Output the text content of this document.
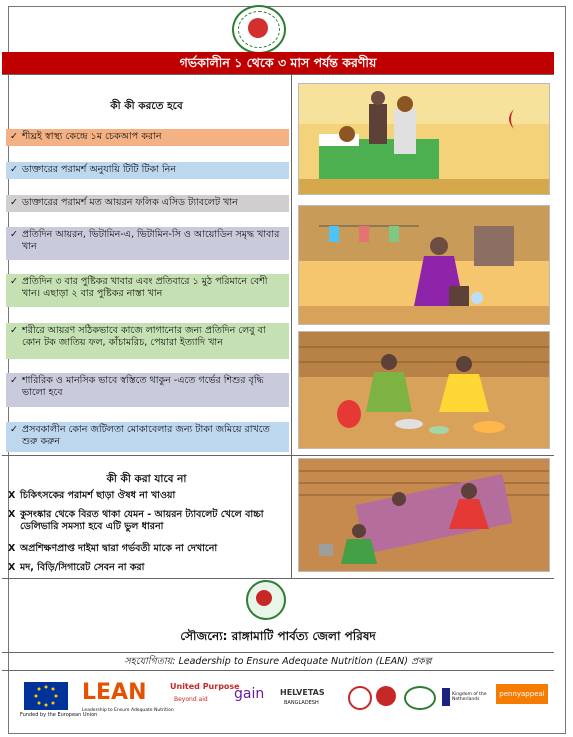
গর্ভকালীন ১ থেকে ৩ মাস পর্যন্ত করণীয়
কী কী করতে হবে
✓ শীঘ্রই স্বাস্থ্য কেন্দ্রে ১ম চেকআপ করান
✓ ডাক্তারের পরামর্শ অনুযায়ি টিটি টিকা নিন
✓ ডাক্তারের পরামর্শ মত আয়রন ফলিক এসিড ট্যাবলেট খান
✓ প্রতিদিন আয়রন, ভিটামিন-এ, ভিটামিন-সি ও আয়োডিন সমৃদ্ধ খাবার খান
✓ প্রতিদিন ৩ বার পুষ্টিকর খাবার এবং প্রতিবারে ১ মুঠ পরিমানে বেশী খান। এছাড়া ২ বার পুষ্টিকর নাস্তা খান
✓ শরীরে আয়রণ সঠিকভাবে কাজে লাগানোর জন্য প্রতিদিন লেবু বা কোন টক জাতিয় ফল, কাঁচামরিচ, পেয়ারা ইত্যাদি খান
✓ শারিরিক ও মানসিক ভাবে স্বস্তিতে থাকুন -এতে গর্ভের শিশুর বৃদ্ধি ভালো হবে
✓ প্রসবকালীন কোন জটিলতা মোকাবেলার জন্য টাকা জমিয়ে রাখতে শুরু করুন
কী কী করা যাবে না
X চিকিৎসকের পরামর্শ ছাড়া ঔষধ না খাওয়া
X কুসংষ্কার থেকে বিরত থাকা যেমন - আয়রন ট্যাবলেট খেলে বাচ্চা ডেলিভারি সমস্যা হবে এটি ভুল ধারনা
X অপ্রশিক্ষণপ্রাপ্ত দাইমা দ্বারা গর্ভবতী মাকে না দেখানো
X মদ, বিড়ি/সিগারেট সেবন না করা
সৌজন্যে: রাঙ্গামাটি পার্বত্য জেলা পরিষদ
সহযোগিতায়: Leadership to Ensure Adequate Nutrition (LEAN) প্রকল্প
Funded by the European Union
LEAN
Leadership to Ensure Adequate Nutrition
United Purpose
Beyond aid gain HELVETAS
BANGLADESH
Kingdom of the Netherlands
pennyappeal
